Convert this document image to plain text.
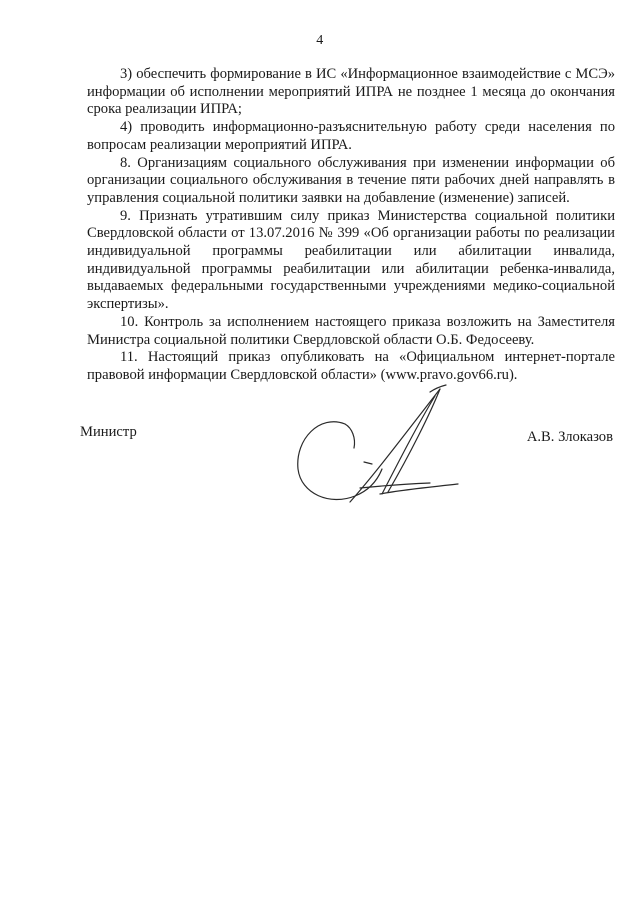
4

3) обеспечить формирование в ИС «Информационное взаимодействие с МСЭ» информации об исполнении мероприятий ИПРА не позднее 1 месяца до окончания срока реализации ИПРА;

4) проводить информационно-разъяснительную работу среди населения по вопросам реализации мероприятий ИПРА.

8. Организациям социального обслуживания при изменении информации об организации социального обслуживания в течение пяти рабочих дней направлять в управления социальной политики заявки на добавление (изменение) записей.

9. Признать утратившим силу приказ Министерства социальной политики Свердловской области от 13.07.2016 № 399 «Об организации работы по реализации индивидуальной программы реабилитации или абилитации инвалида, индивидуальной программы реабилитации или абилитации ребенка-инвалида, выдаваемых федеральными государственными учреждениями медико-социальной экспертизы».

10. Контроль за исполнением настоящего приказа возложить на Заместителя Министра социальной политики Свердловской области О.Б. Федосееву.

11. Настоящий приказ опубликовать на «Официальном интернет-портале правовой информации Свердловской области» (www.pravo.gov66.ru).

Министр	А.В. Злоказов
